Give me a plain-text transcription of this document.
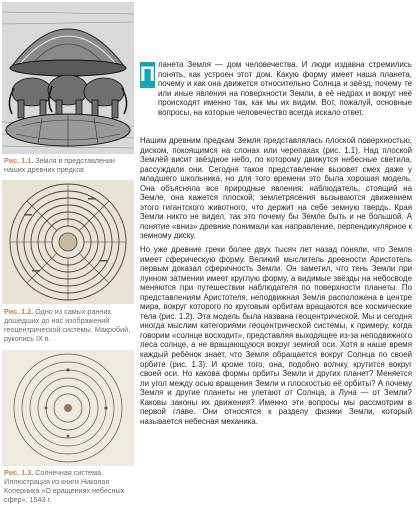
Рис. 1.1. Земля в представлении наших древних предков
Рис. 1.2. Одно из самых ранних дошедших до нас изображений геоцентрической системы. Макробий, рукопись IX в.
Рис. 1.3. Солнечная система. Иллюстрация из книги Николая Коперника «О вращениях небесных сфер», 1543 г.
П ланета Земля — дом человечества. И люди издавна стремились понять, как устроен этот дом. Какую форму имеет наша планета, почему и как она движется относительно Солнца и звёзд, почему те или иные явления на поверхности Земли, в её недрах и вокруг неё происходят именно так, как мы их видим. Вот, пожалуй, основные вопросы, на которые человечество всегда искало ответ.

Нашим древним предкам Земля представлялась плоской поверхностью, диском, покоящимся на слонах или черепахах (рис. 1.1). Над плоской Землёй висит звёздное небо, по которому движутся небесные светила, рассуждали они. Сегодня такое представление вызовет смех даже у младшего школьника, но для того времени это была хорошая модель. Она объясняла все природные явления: наблюдатель, стоящий на Земле, она кажется плоской; землетрясения вызываются движением этого гигантского животного, что держит на себе земную твердь. Края Земли никто не видел, так это почему бы Земле быть и не большой. А понятие «вниз» древние понимали как направление, перпендикулярное к земному диску.

Но уже древние греки более двух тысяч лет назад поняли, что Земля имеет сферическую форму. Великий мыслитель древности Аристотель первым доказал сферичность Земли. Он заметил, что тень Земли при лунном затмении имеет круглую форму, а видимые звёзды на небосводе меняются при путешествии наблюдателя по поверхности планеты. По представлениям Аристотеля, неподвижная Земля расположена в центре мира, вокруг которого по круговым орбитам вращаются все космические тела (рис. 1.2). Эта модель была названа геоцентрической. Мы и сегодня иногда мыслим категориями геоцентрической системы, к примеру, когда говорим «солнце восходит», представляя выходящее из-за неподвижного леса солнце, а не вращающуюся вокруг земной оси. Хотя в наше время каждый ребёнок знает, что Земля обращается вокруг Солнца по своей орбите (рис. 1.3). И кроме того, она, подобно волчку, крутится вокруг своей оси. Но какова формы орбиты Земли и других планет? Меняется ли угол между осью вращения Земли и плоскостью её орбиты? А почему Земля и другие планеты не улетают от Солнца, а Луна — от Земли? Каковы законы их движения? Именно эти вопросы мы рассмотрим в первой главе. Они относятся к разделу физики Земли, который называется небесная механика.
